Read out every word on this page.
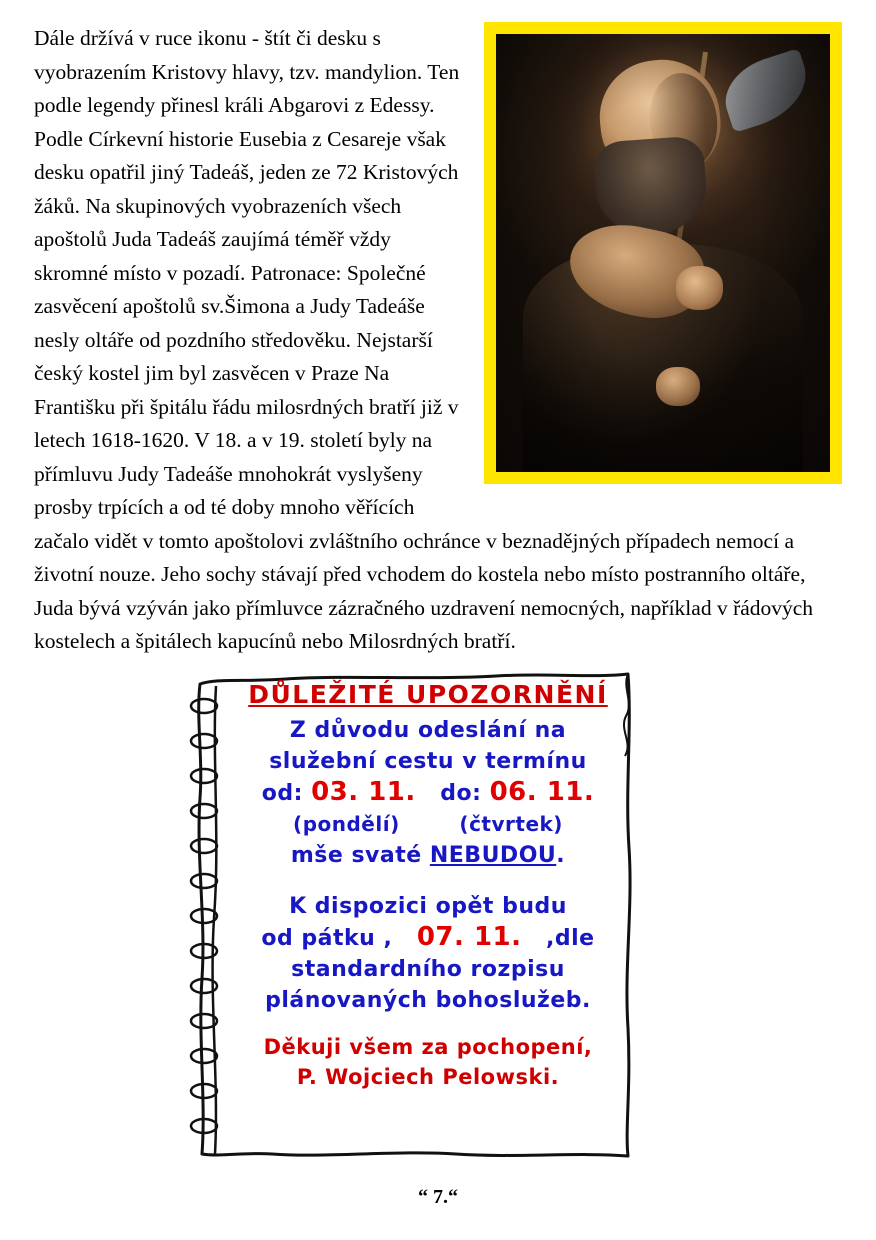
Dále držívá v ruce ikonu - štít či desku s vyobrazením Kristovy hlavy, tzv. mandylion. Ten podle legendy přinesl králi Abgarovi z Edessy. Podle Církevní historie Eusebia z Cesareje však desku opatřil jiný Tadeáš, jeden ze 72 Kristových žáků. Na skupinových vyobrazeních všech apoštolů Juda Tadeáš zaujímá téměř vždy skromné místo v pozadí. Patronace: Společné zasvěcení apoštolů sv.Šimona a Judy Tadeáše nesly oltáře od pozdního středověku. Nejstarší český kostel jim byl zasvěcen v Praze Na Františku při špitálu řádu milosrdných bratří již v letech 1618-1620. V 18. a v 19. století byly na přímluvu Judy Tadeáše mnohokrát vyslyšeny prosby trpících a od té doby mnoho věřících začalo vidět v tomto apoštolovi zvláštního ochránce v beznadějných případech nemocí a životní nouze. Jeho sochy stávají před vchodem do kostela nebo místo postranního oltáře, Juda bývá vzýván jako přímluvce zázračného uzdravení nemocných, například v řádových kostelech a špitálech kapucínů nebo Milosrdných bratří.

DŮLEŽITÉ UPOZORNĚNÍ
Z důvodu odeslání na
služební cestu v termínu
od: 03. 11. do: 06. 11.
(pondělí)	(čtvrtek)
mše svaté NEBUDOU.
K dispozici opět budu
od pátku , 07. 11. ,dle
standardního rozpisu
plánovaných bohoslužeb.
Děkuji všem za pochopení,
P. Wojciech Pelowski.
“ 7.“
